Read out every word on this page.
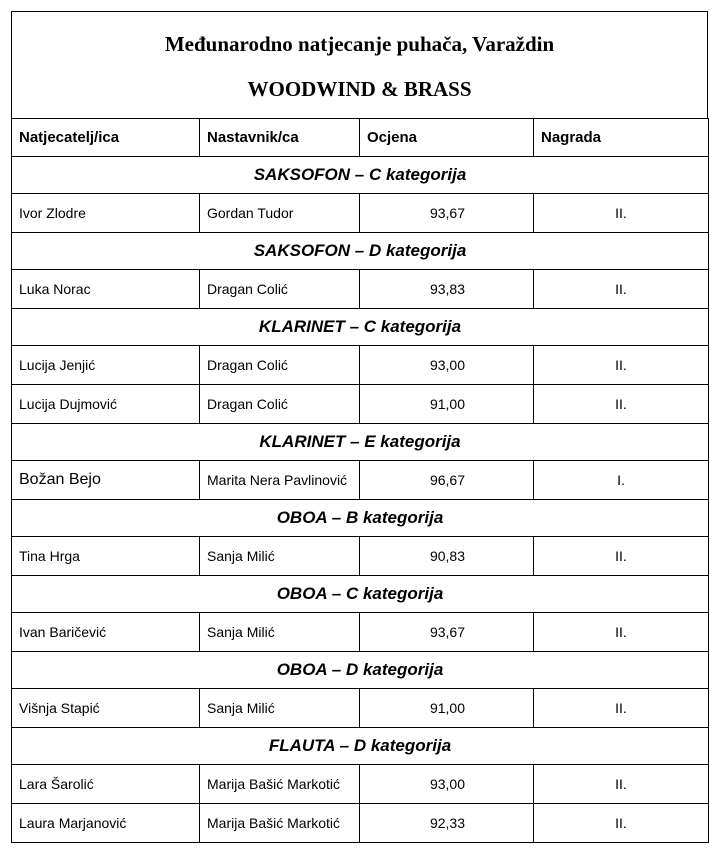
Međunarodno natjecanje puhača, Varaždin
WOODWIND & BRASS
Natjecatelj/ica	Nastavnik/ca	Ocjena	Nagrada
SAKSOFON – C kategorija			
Ivor Zlodre	Gordan Tudor	93,67	II.
SAKSOFON – D kategorija			
Luka Norac	Dragan Colić	93,83	II.
KLARINET – C kategorija			
Lucija Jenjić	Dragan Colić	93,00	II.
Lucija Dujmović	Dragan Colić	91,00	II.
KLARINET – E kategorija			
Božan Bejo	Marita Nera Pavlinović	96,67	I.
OBOA – B kategorija			
Tina Hrga	Sanja Milić	90,83	II.
OBOA – C kategorija			
Ivan Baričević	Sanja Milić	93,67	II.
OBOA – D kategorija			
Višnja Stapić	Sanja Milić	91,00	II.
FLAUTA – D kategorija			
Lara Šarolić	Marija Bašić Markotić	93,00	II.
Laura Marjanović	Marija Bašić Markotić	92,33	II.
